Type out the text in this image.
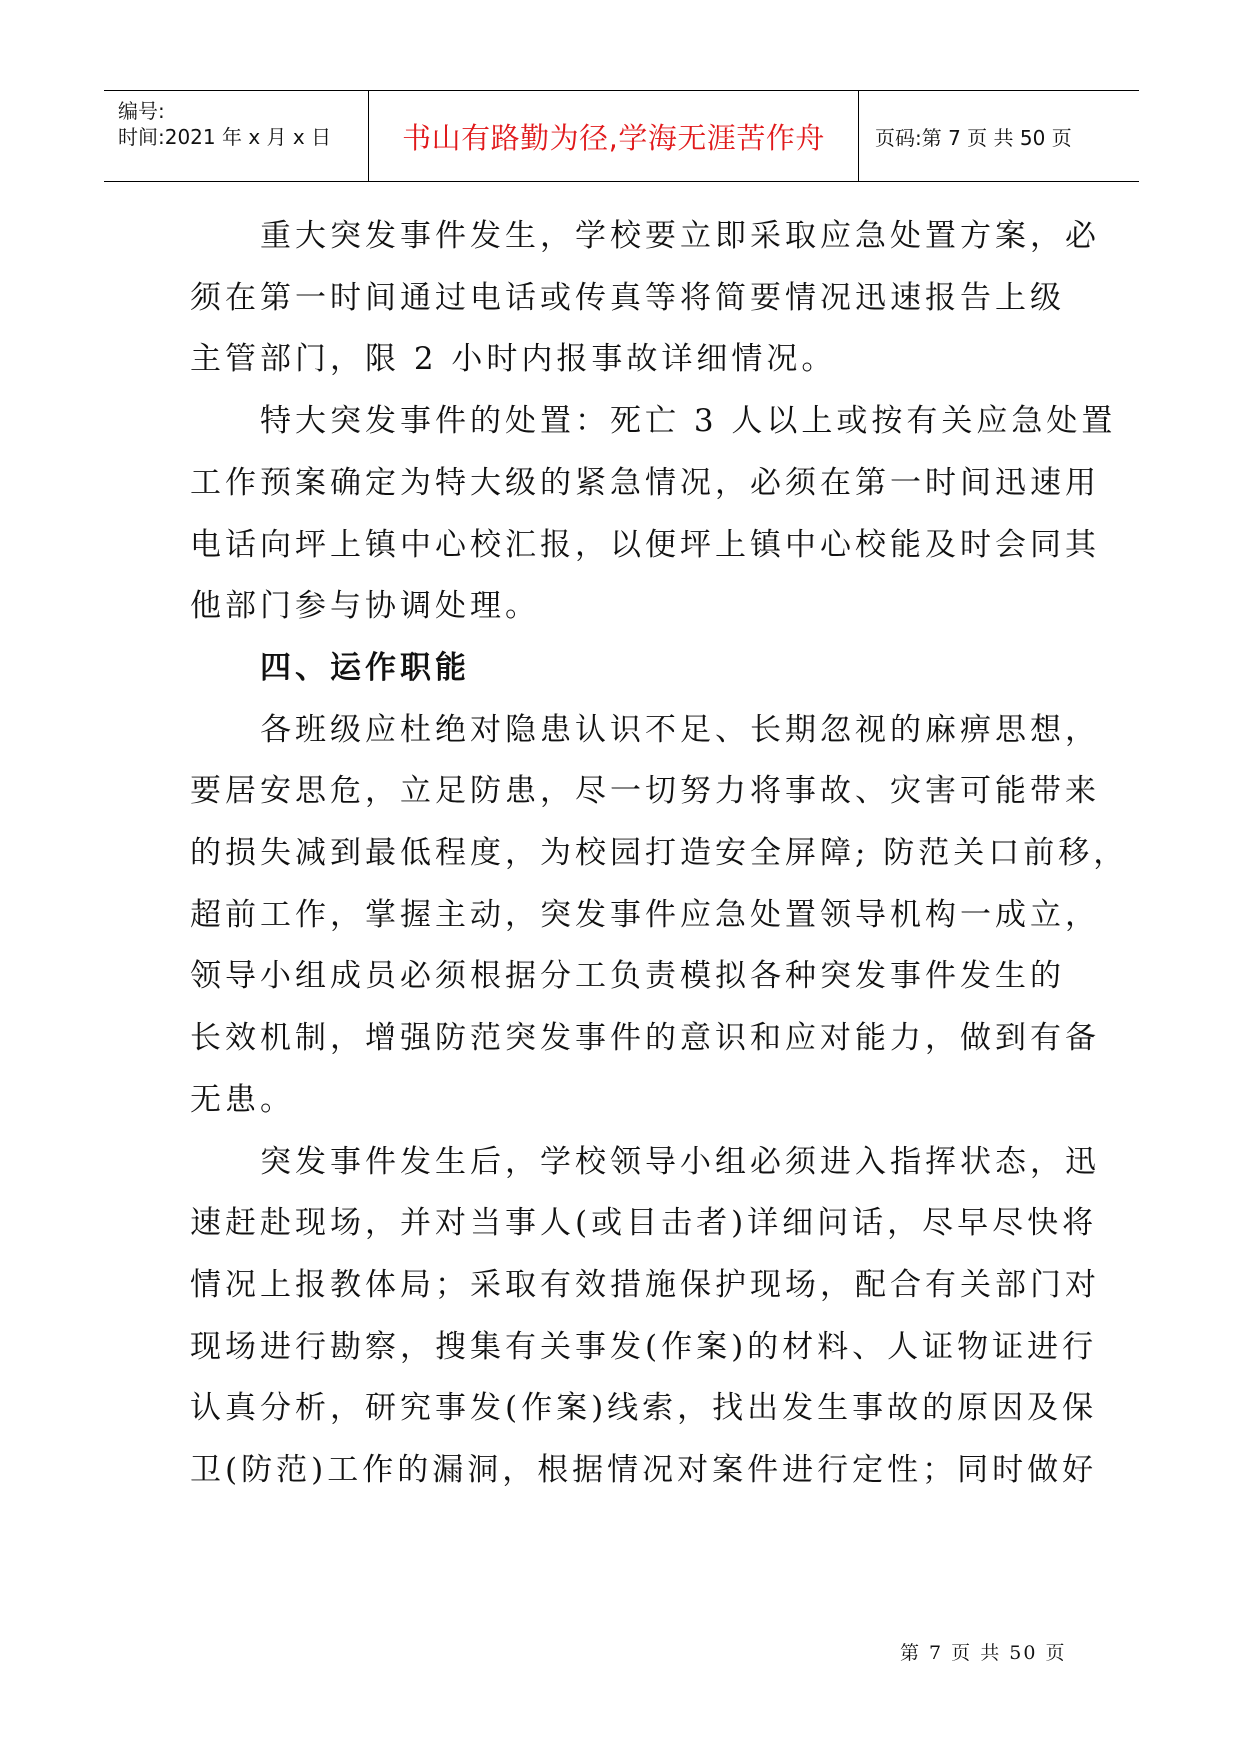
编号:
时间:2021 年 x 月 x 日 书山有路勤为径,学海无涯苦作舟	页码:第 7 页 共 50 页

　　重大突发事件发生，学校要立即采取应急处置方案，必

须在第一时间通过电话或传真等将简要情况迅速报告上级

主管部门，限 2 小时内报事故详细情况。

　　特大突发事件的处置：死亡 3 人以上或按有关应急处置

工作预案确定为特大级的紧急情况，必须在第一时间迅速用

电话向坪上镇中心校汇报，以便坪上镇中心校能及时会同其

他部门参与协调处理。

　　四、运作职能

　　各班级应杜绝对隐患认识不足、长期忽视的麻痹思想，

要居安思危，立足防患，尽一切努力将事故、灾害可能带来

的损失减到最低程度，为校园打造安全屏障; 防范关口前移，

超前工作，掌握主动，突发事件应急处置领导机构一成立，

领导小组成员必须根据分工负责模拟各种突发事件发生的

长效机制，增强防范突发事件的意识和应对能力，做到有备

无患。

　　突发事件发生后，学校领导小组必须进入指挥状态，迅

速赶赴现场，并对当事人(或目击者)详细问话，尽早尽快将

情况上报教体局；采取有效措施保护现场，配合有关部门对

现场进行勘察，搜集有关事发(作案)的材料、人证物证进行

认真分析，研究事发(作案)线索，找出发生事故的原因及保

卫(防范)工作的漏洞，根据情况对案件进行定性；同时做好

第 7 页 共 50 页
